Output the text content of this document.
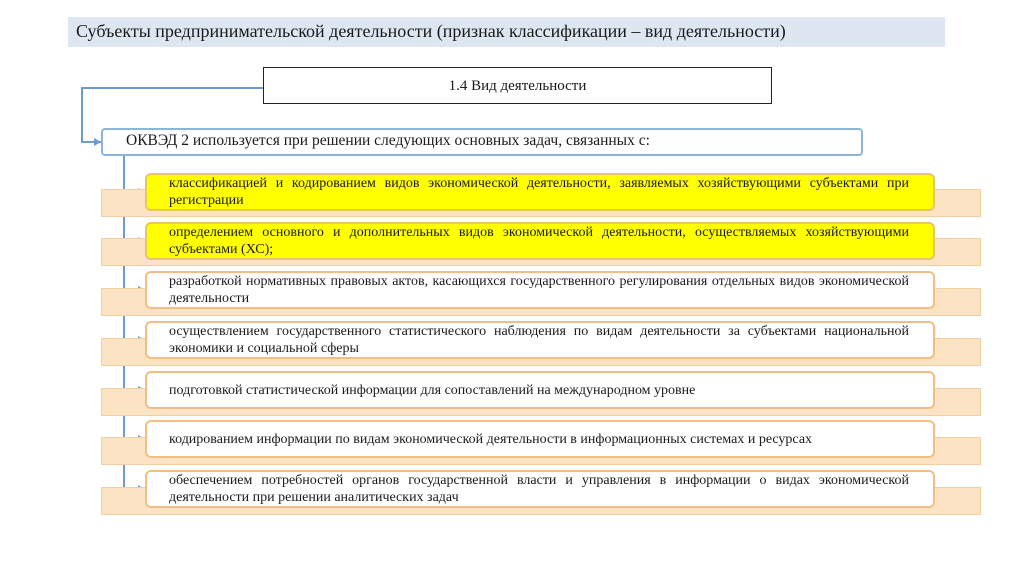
Субъекты предпринимательской деятельности (признак классификации – вид деятельности)
1.4 Вид деятельности
ОКВЭД 2 используется при решении следующих основных задач, связанных с:
классификацией и кодированием видов экономической деятельности, заявляемых хозяйствующими субъектами при регистрации
определением основного и дополнительных видов экономической деятельности, осуществляемых хозяйствующими субъектами (ХС);
разработкой нормативных правовых актов, касающихся государственного регулирования отдельных видов экономической деятельности
осуществлением государственного статистического наблюдения по видам деятельности за субъектами национальной экономики и социальной сферы
подготовкой статистической информации для сопоставлений на международном уровне
кодированием информации по видам экономической деятельности в информационных системах и ресурсах
обеспечением потребностей органов государственной власти и управления в информации о видах экономической деятельности при решении аналитических задач
